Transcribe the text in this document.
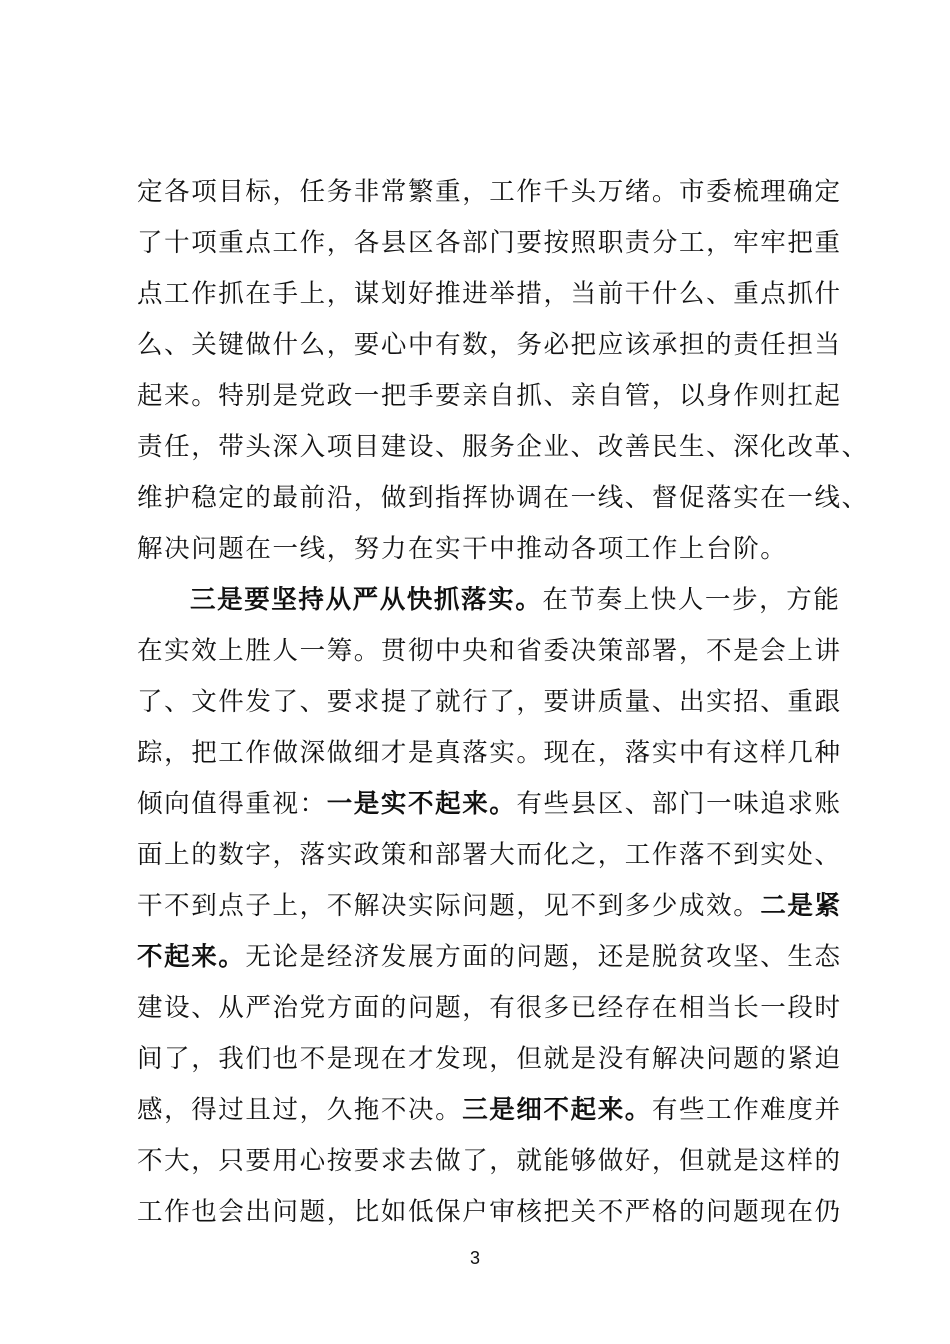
定各项目标，任务非常繁重，工作千头万绪。市委梳理确定
了十项重点工作，各县区各部门要按照职责分工，牢牢把重
点工作抓在手上，谋划好推进举措，当前干什么、重点抓什
么、关键做什么，要心中有数，务必把应该承担的责任担当
起来。特别是党政一把手要亲自抓、亲自管，以身作则扛起
责任，带头深入项目建设、服务企业、改善民生、深化改革、
维护稳定的最前沿，做到指挥协调在一线、督促落实在一线、
解决问题在一线，努力在实干中推动各项工作上台阶。
三是要坚持从严从快抓落实。在节奏上快人一步，方能
在实效上胜人一筹。贯彻中央和省委决策部署，不是会上讲
了、文件发了、要求提了就行了，要讲质量、出实招、重跟
踪，把工作做深做细才是真落实。现在，落实中有这样几种
倾向值得重视：一是实不起来。有些县区、部门一味追求账
面上的数字，落实政策和部署大而化之，工作落不到实处、
干不到点子上，不解决实际问题，见不到多少成效。二是紧
不起来。无论是经济发展方面的问题，还是脱贫攻坚、生态
建设、从严治党方面的问题，有很多已经存在相当长一段时
间了，我们也不是现在才发现，但就是没有解决问题的紧迫
感，得过且过，久拖不决。三是细不起来。有些工作难度并
不大，只要用心按要求去做了，就能够做好，但就是这样的
工作也会出问题，比如低保户审核把关不严格的问题现在仍
3
